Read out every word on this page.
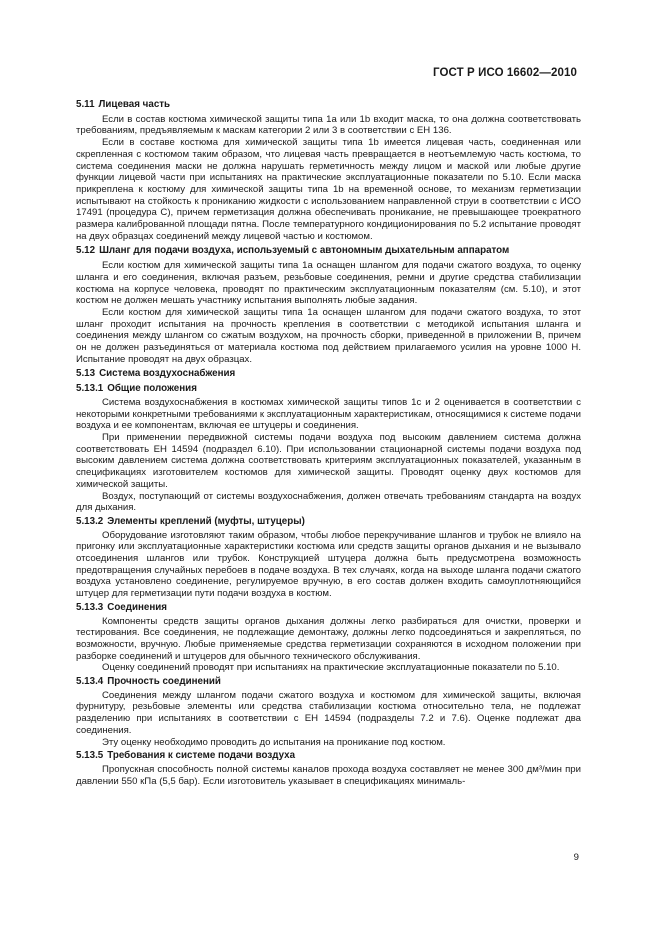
ГОСТ Р ИСО 16602—2010
5.11 Лицевая часть

Если в состав костюма химической защиты типа 1а или 1b входит маска, то она должна соответствовать требованиям, предъявляемым к маскам категории 2 или 3 в соответствии с ЕН 136.

Если в составе костюма для химической защиты типа 1b имеется лицевая часть, соединенная или скрепленная с костюмом таким образом, что лицевая часть превращается в неотъемлемую часть костюма, то система соединения маски не должна нарушать герметичность между лицом и маской или любые другие функции лицевой части при испытаниях на практические эксплуатационные показатели по 5.10. Если маска прикреплена к костюму для химической защиты типа 1b на временной основе, то механизм герметизации испытывают на стойкость к прониканию жидкости с использованием направленной струи в соответствии с ИСО 17491 (процедура С), причем герметизация должна обеспечивать проникание, не превышающее троекратного размера калиброванной площади пятна. После температурного кондиционирования по 5.2 испытание проводят на двух образцах соединений между лицевой частью и костюмом.

5.12 Шланг для подачи воздуха, используемый с автономным дыхательным аппаратом

Если костюм для химической защиты типа 1а оснащен шлангом для подачи сжатого воздуха, то оценку шланга и его соединения, включая разъем, резьбовые соединения, ремни и другие средства стабилизации костюма на корпусе человека, проводят по практическим эксплуатационным показателям (см. 5.10), и этот костюм не должен мешать участнику испытания выполнять любые задания.

Если костюм для химической защиты типа 1а оснащен шлангом для подачи сжатого воздуха, то этот шланг проходит испытания на прочность крепления в соответствии с методикой испытания шланга и соединения между шлангом со сжатым воздухом, на прочность сборки, приведенной в приложении В, причем он не должен разъединяться от материала костюма под действием прилагаемого усилия на уровне 1000 Н. Испытание проводят на двух образцах.

5.13 Система воздухоснабжения
5.13.1 Общие положения

Система воздухоснабжения в костюмах химической защиты типов 1с и 2 оценивается в соответствии с некоторыми конкретными требованиями к эксплуатационным характеристикам, относящимися к системе подачи воздуха и ее компонентам, включая ее штуцеры и соединения.

При применении передвижной системы подачи воздуха под высоким давлением система должна соответствовать ЕН 14594 (подраздел 6.10). При использовании стационарной системы подачи воздуха под высоким давлением система должна соответствовать критериям эксплуатационных показателей, указанным в спецификациях изготовителем костюмов для химической защиты. Проводят оценку двух костюмов для химической защиты.

Воздух, поступающий от системы воздухоснабжения, должен отвечать требованиям стандарта на воздух для дыхания.

5.13.2 Элементы креплений (муфты, штуцеры)

Оборудование изготовляют таким образом, чтобы любое перекручивание шлангов и трубок не влияло на пригонку или эксплуатационные характеристики костюма или средств защиты органов дыхания и не вызывало отсоединения шлангов или трубок. Конструкцией штуцера должна быть предусмотрена возможность предотвращения случайных перебоев в подаче воздуха. В тех случаях, когда на выходе шланга подачи сжатого воздуха установлено соединение, регулируемое вручную, в его состав должен входить самоуплотняющийся штуцер для герметизации пути подачи воздуха в костюм.

5.13.3 Соединения

Компоненты средств защиты органов дыхания должны легко разбираться для очистки, проверки и тестирования. Все соединения, не подлежащие демонтажу, должны легко подсоединяться и закрепляться, по возможности, вручную. Любые применяемые средства герметизации сохраняются в исходном положении при разборке соединений и штуцеров для обычного технического обслуживания.

Оценку соединений проводят при испытаниях на практические эксплуатационные показатели по 5.10.

5.13.4 Прочность соединений

Соединения между шлангом подачи сжатого воздуха и костюмом для химической защиты, включая фурнитуру, резьбовые элементы или средства стабилизации костюма относительно тела, не подлежат разделению при испытаниях в соответствии с ЕН 14594 (подразделы 7.2 и 7.6). Оценке подлежат два соединения.

Эту оценку необходимо проводить до испытания на проникание под костюм.

5.13.5 Требования к системе подачи воздуха

Пропускная способность полной системы каналов прохода воздуха составляет не менее 300 дм³/мин при давлении 550 кПа (5,5 бар). Если изготовитель указывает в спецификациях минималь-

9
